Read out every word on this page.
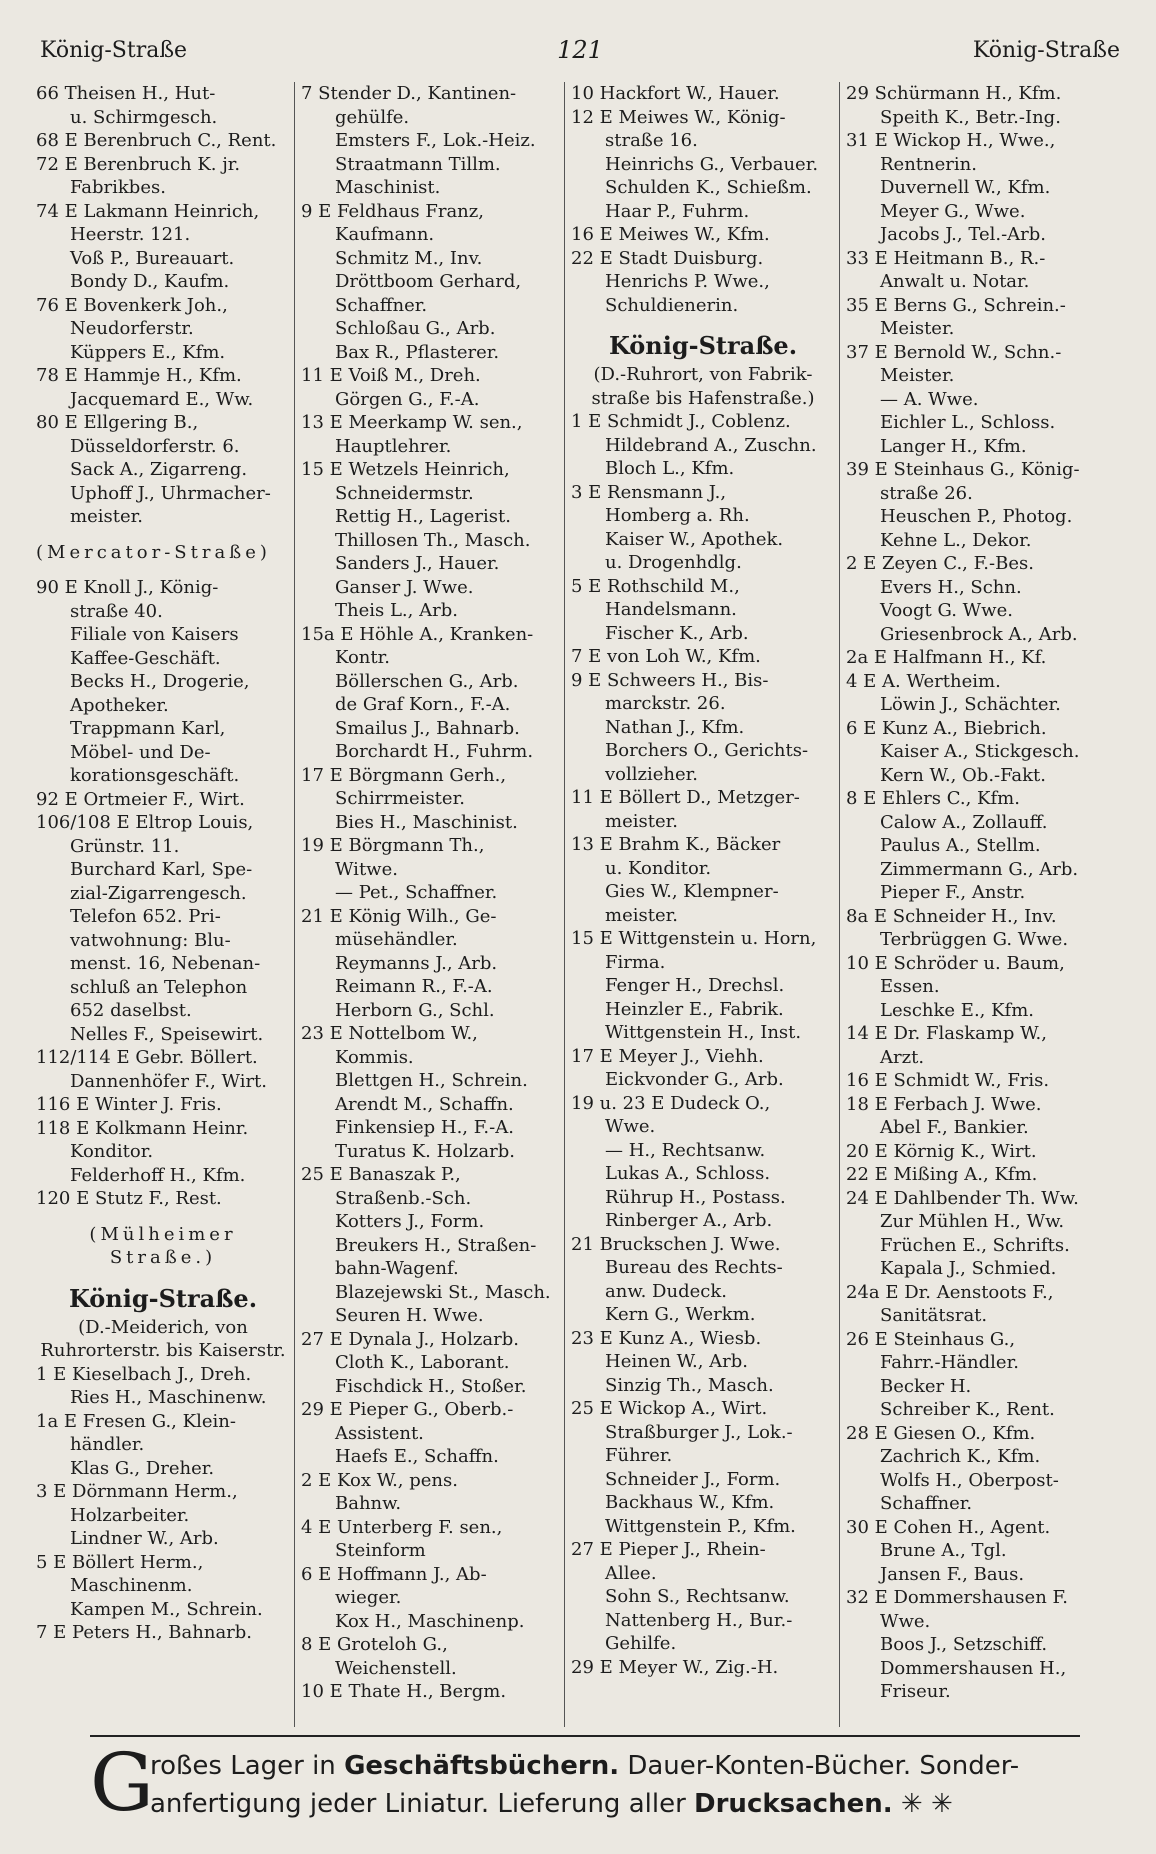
König-Straße	121	König-Straße
66 Theisen H., Hut-
u. Schirmgesch.
68 E Berenbruch C., Rent.
72 E Berenbruch K. jr.
Fabrikbes.
74 E Lakmann Heinrich,
Heerstr. 121.
Voß P., Bureauart.
Bondy D., Kaufm.
76 E Bovenkerk Joh.,
Neudorferstr.
Küppers E., Kfm.
78 E Hammje H., Kfm.
Jacquemard E., Ww.
80 E Ellgering B.,
Düsseldorferstr. 6.
Sack A., Zigarreng.
Uphoff J., Uhrmacher-
meister.
(Mercator-Straße)
90 E Knoll J., König-
straße 40.
Filiale von Kaisers
Kaffee-Geschäft.
Becks H., Drogerie,
Apotheker.
Trappmann Karl,
Möbel- und De-
korationsgeschäft.
92 E Ortmeier F., Wirt.
106/108 E Eltrop Louis,
Grünstr. 11.
Burchard Karl, Spe-
zial-Zigarrengesch.
Telefon 652. Pri-
vatwohnung: Blu-
menst. 16, Nebenan-
schluß an Telephon
652 daselbst.
Nelles F., Speisewirt.
112/114 E Gebr. Böllert.
Dannenhöfer F., Wirt.
116 E Winter J. Fris.
118 E Kolkmann Heinr.
Konditor.
Felderhoff H., Kfm.
120 E Stutz F., Rest.
(Mülheimer
Straße.)
König-Straße.
(D.-Meiderich, von
Ruhrorterstr. bis Kaiserstr.
1 E Kieselbach J., Dreh.
Ries H., Maschinenw.
1a E Fresen G., Klein-
händler.
Klas G., Dreher.
3 E Dörnmann Herm.,
Holzarbeiter.
Lindner W., Arb.
5 E Böllert Herm.,
Maschinenm.
Kampen M., Schrein.
7 E Peters H., Bahnarb.
7 Stender D., Kantinen-
gehülfe.
Emsters F., Lok.-Heiz.
Straatmann Tillm.
Maschinist.
9 E Feldhaus Franz,
Kaufmann.
Schmitz M., Inv.
Dröttboom Gerhard,
Schaffner.
Schloßau G., Arb.
Bax R., Pflasterer.
11 E Voiß M., Dreh.
Görgen G., F.-A.
13 E Meerkamp W. sen.,
Hauptlehrer.
15 E Wetzels Heinrich,
Schneidermstr.
Rettig H., Lagerist.
Thillosen Th., Masch.
Sanders J., Hauer.
Ganser J. Wwe.
Theis L., Arb.
15a E Höhle A., Kranken-
Kontr.
Böllerschen G., Arb.
de Graf Korn., F.-A.
Smailus J., Bahnarb.
Borchardt H., Fuhrm.
17 E Börgmann Gerh.,
Schirrmeister.
Bies H., Maschinist.
19 E Börgmann Th.,
Witwe.
— Pet., Schaffner.
21 E König Wilh., Ge-
müsehändler.
Reymanns J., Arb.
Reimann R., F.-A.
Herborn G., Schl.
23 E Nottelbom W.,
Kommis.
Blettgen H., Schrein.
Arendt M., Schaffn.
Finkensiep H., F.-A.
Turatus K. Holzarb.
25 E Banaszak P.,
Straßenb.-Sch.
Kotters J., Form.
Breukers H., Straßen-
bahn-Wagenf.
Blazejewski St., Masch.
Seuren H. Wwe.
27 E Dynala J., Holzarb.
Cloth K., Laborant.
Fischdick H., Stoßer.
29 E Pieper G., Oberb.-
Assistent.
Haefs E., Schaffn.
2 E Kox W., pens.
Bahnw.
4 E Unterberg F. sen.,
Steinform
6 E Hoffmann J., Ab-
wieger.
Kox H., Maschinenp.
8 E Groteloh G.,
Weichenstell.
10 E Thate H., Bergm.
10 Hackfort W., Hauer.
12 E Meiwes W., König-
straße 16.
Heinrichs G., Verbauer.
Schulden K., Schießm.
Haar P., Fuhrm.
16 E Meiwes W., Kfm.
22 E Stadt Duisburg.
Henrichs P. Wwe.,
Schuldienerin.
König-Straße.
(D.-Ruhrort, von Fabrik-
straße bis Hafenstraße.)
1 E Schmidt J., Coblenz.
Hildebrand A., Zuschn.
Bloch L., Kfm.
3 E Rensmann J.,
Homberg a. Rh.
Kaiser W., Apothek.
u. Drogenhdlg.
5 E Rothschild M.,
Handelsmann.
Fischer K., Arb.
7 E von Loh W., Kfm.
9 E Schweers H., Bis-
marckstr. 26.
Nathan J., Kfm.
Borchers O., Gerichts-
vollzieher.
11 E Böllert D., Metzger-
meister.
13 E Brahm K., Bäcker
u. Konditor.
Gies W., Klempner-
meister.
15 E Wittgenstein u. Horn,
Firma.
Fenger H., Drechsl.
Heinzler E., Fabrik.
Wittgenstein H., Inst.
17 E Meyer J., Viehh.
Eickvonder G., Arb.
19 u. 23 E Dudeck O.,
Wwe.
— H., Rechtsanw.
Lukas A., Schloss.
Rührup H., Postass.
Rinberger A., Arb.
21 Bruckschen J. Wwe.
Bureau des Rechts-
anw. Dudeck.
Kern G., Werkm.
23 E Kunz A., Wiesb.
Heinen W., Arb.
Sinzig Th., Masch.
25 E Wickop A., Wirt.
Straßburger J., Lok.-
Führer.
Schneider J., Form.
Backhaus W., Kfm.
Wittgenstein P., Kfm.
27 E Pieper J., Rhein-
Allee.
Sohn S., Rechtsanw.
Nattenberg H., Bur.-
Gehilfe.
29 E Meyer W., Zig.-H.
29 Schürmann H., Kfm.
Speith K., Betr.-Ing.
31 E Wickop H., Wwe.,
Rentnerin.
Duvernell W., Kfm.
Meyer G., Wwe.
Jacobs J., Tel.-Arb.
33 E Heitmann B., R.-
Anwalt u. Notar.
35 E Berns G., Schrein.-
Meister.
37 E Bernold W., Schn.-
Meister.
— A. Wwe.
Eichler L., Schloss.
Langer H., Kfm.
39 E Steinhaus G., König-
straße 26.
Heuschen P., Photog.
Kehne L., Dekor.
2 E Zeyen C., F.-Bes.
Evers H., Schn.
Voogt G. Wwe.
Griesenbrock A., Arb.
2a E Halfmann H., Kf.
4 E A. Wertheim.
Löwin J., Schächter.
6 E Kunz A., Biebrich.
Kaiser A., Stickgesch.
Kern W., Ob.-Fakt.
8 E Ehlers C., Kfm.
Calow A., Zollauff.
Paulus A., Stellm.
Zimmermann G., Arb.
Pieper F., Anstr.
8a E Schneider H., Inv.
Terbrüggen G. Wwe.
10 E Schröder u. Baum,
Essen.
Leschke E., Kfm.
14 E Dr. Flaskamp W.,
Arzt.
16 E Schmidt W., Fris.
18 E Ferbach J. Wwe.
Abel F., Bankier.
20 E Körnig K., Wirt.
22 E Mißing A., Kfm.
24 E Dahlbender Th. Ww.
Zur Mühlen H., Ww.
Früchen E., Schrifts.
Kapala J., Schmied.
24a E Dr. Aenstoots F.,
Sanitätsrat.
26 E Steinhaus G.,
Fahrr.-Händler.
Becker H.
Schreiber K., Rent.
28 E Giesen O., Kfm.
Zachrich K., Kfm.
Wolfs H., Oberpost-
Schaffner.
30 E Cohen H., Agent.
Brune A., Tgl.
Jansen F., Baus.
32 E Dommershausen F.
Wwe.
Boos J., Setzschiff.
Dommershausen H.,
Friseur.
G
roßes Lager in Geschäftsbüchern. Dauer-Konten-Bücher. Sonder-
anfertigung jeder Liniatur. Lieferung aller Drucksachen. ✳ ✳
